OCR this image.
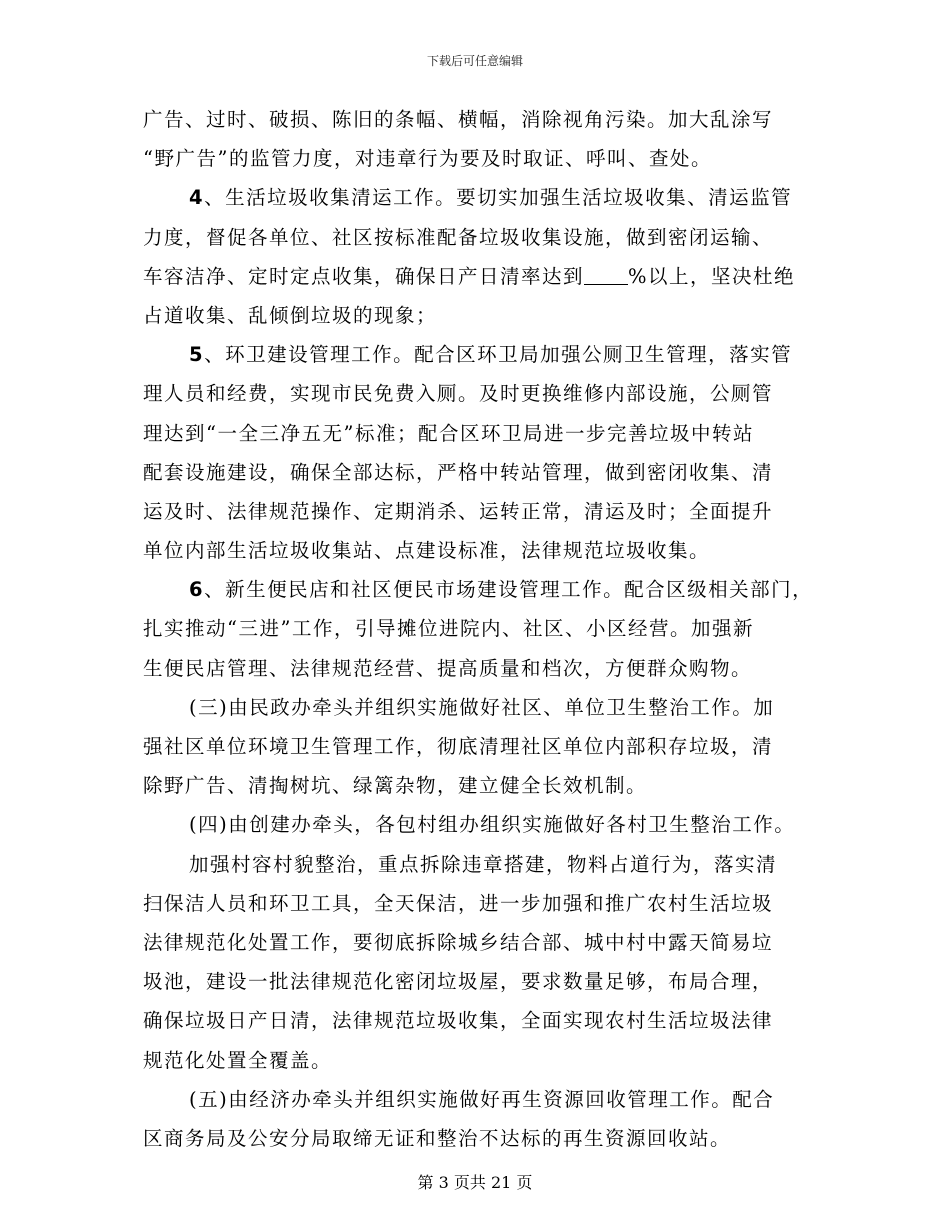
下载后可任意编辑
广告、过时、破损、陈旧的条幅、横幅，消除视角污染。加大乱涂写
“野广告”的监管力度，对违章行为要及时取证、呼叫、查处。
4、生活垃圾收集清运工作。要切实加强生活垃圾收集、清运监管
力度，督促各单位、社区按标准配备垃圾收集设施，做到密闭运输、
车容洁净、定时定点收集，确保日产日清率达到 %以上，坚决杜绝
占道收集、乱倾倒垃圾的现象；
5、环卫建设管理工作。配合区环卫局加强公厕卫生管理，落实管
理人员和经费，实现市民免费入厕。及时更换维修内部设施，公厕管
理达到“一全三净五无”标准；配合区环卫局进一步完善垃圾中转站
配套设施建设，确保全部达标，严格中转站管理，做到密闭收集、清
运及时、法律规范操作、定期消杀、运转正常，清运及时；全面提升
单位内部生活垃圾收集站、点建设标准，法律规范垃圾收集。
6、新生便民店和社区便民市场建设管理工作。配合区级相关部门，
扎实推动“三进”工作，引导摊位进院内、社区、小区经营。加强新
生便民店管理、法律规范经营、提高质量和档次，方便群众购物。
(三)由民政办牵头并组织实施做好社区、单位卫生整治工作。加
强社区单位环境卫生管理工作，彻底清理社区单位内部积存垃圾，清
除野广告、清掏树坑、绿篱杂物，建立健全长效机制。
(四)由创建办牵头，各包村组办组织实施做好各村卫生整治工作。
加强村容村貌整治，重点拆除违章搭建，物料占道行为，落实清
扫保洁人员和环卫工具，全天保洁，进一步加强和推广农村生活垃圾
法律规范化处置工作，要彻底拆除城乡结合部、城中村中露天简易垃
圾池，建设一批法律规范化密闭垃圾屋，要求数量足够，布局合理，
确保垃圾日产日清，法律规范垃圾收集，全面实现农村生活垃圾法律
规范化处置全覆盖。
(五)由经济办牵头并组织实施做好再生资源回收管理工作。配合
区商务局及公安分局取缔无证和整治不达标的再生资源回收站。
第 3 页共 21 页
